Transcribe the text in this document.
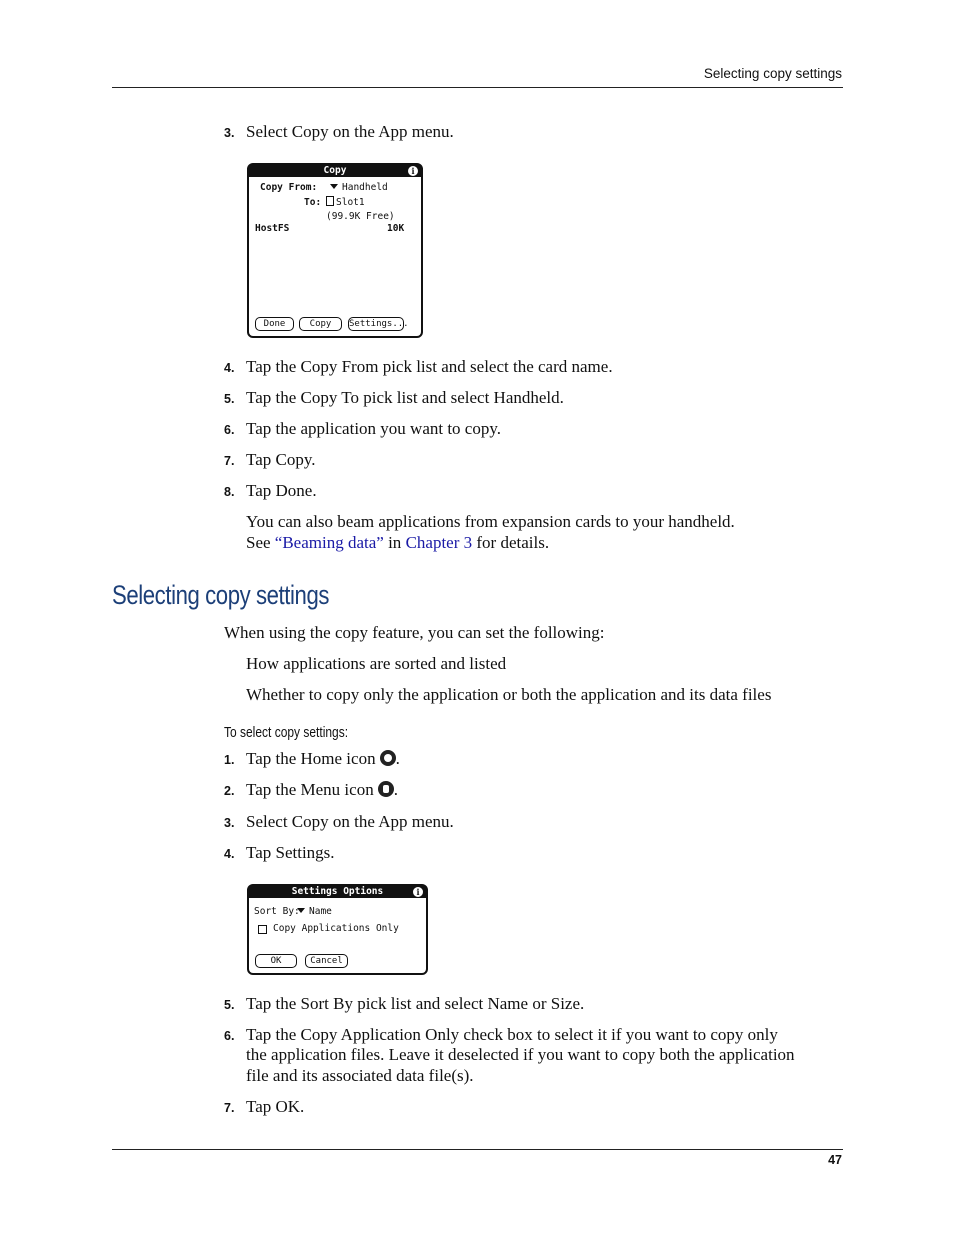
Selecting copy settings
3. Select Copy on the App menu.
Copy	i
Copy From:	Handheld
To:	Slot1
(99.9K Free)
HostFS	10K
Done	Copy	Settings...
4. Tap the Copy From pick list and select the card name.
5. Tap the Copy To pick list and select Handheld.
6. Tap the application you want to copy.
7. Tap Copy.
8. Tap Done.
You can also beam applications from expansion cards to your handheld.
See “Beaming data” in Chapter 3 for details.
Selecting copy settings
When using the copy feature, you can set the following:
How applications are sorted and listed
Whether to copy only the application or both the application and its data files
To select copy settings:
1. Tap the Home icon .
2. Tap the Menu icon .
3. Select Copy on the App menu.
4. Tap Settings.
Settings Options	i
Sort By: Name
Copy Applications Only
OK	Cancel
5. Tap the Sort By pick list and select Name or Size.
6. Tap the Copy Application Only check box to select it if you want to copy only
the application files. Leave it deselected if you want to copy both the application
file and its associated data file(s).
7. Tap OK.
47
